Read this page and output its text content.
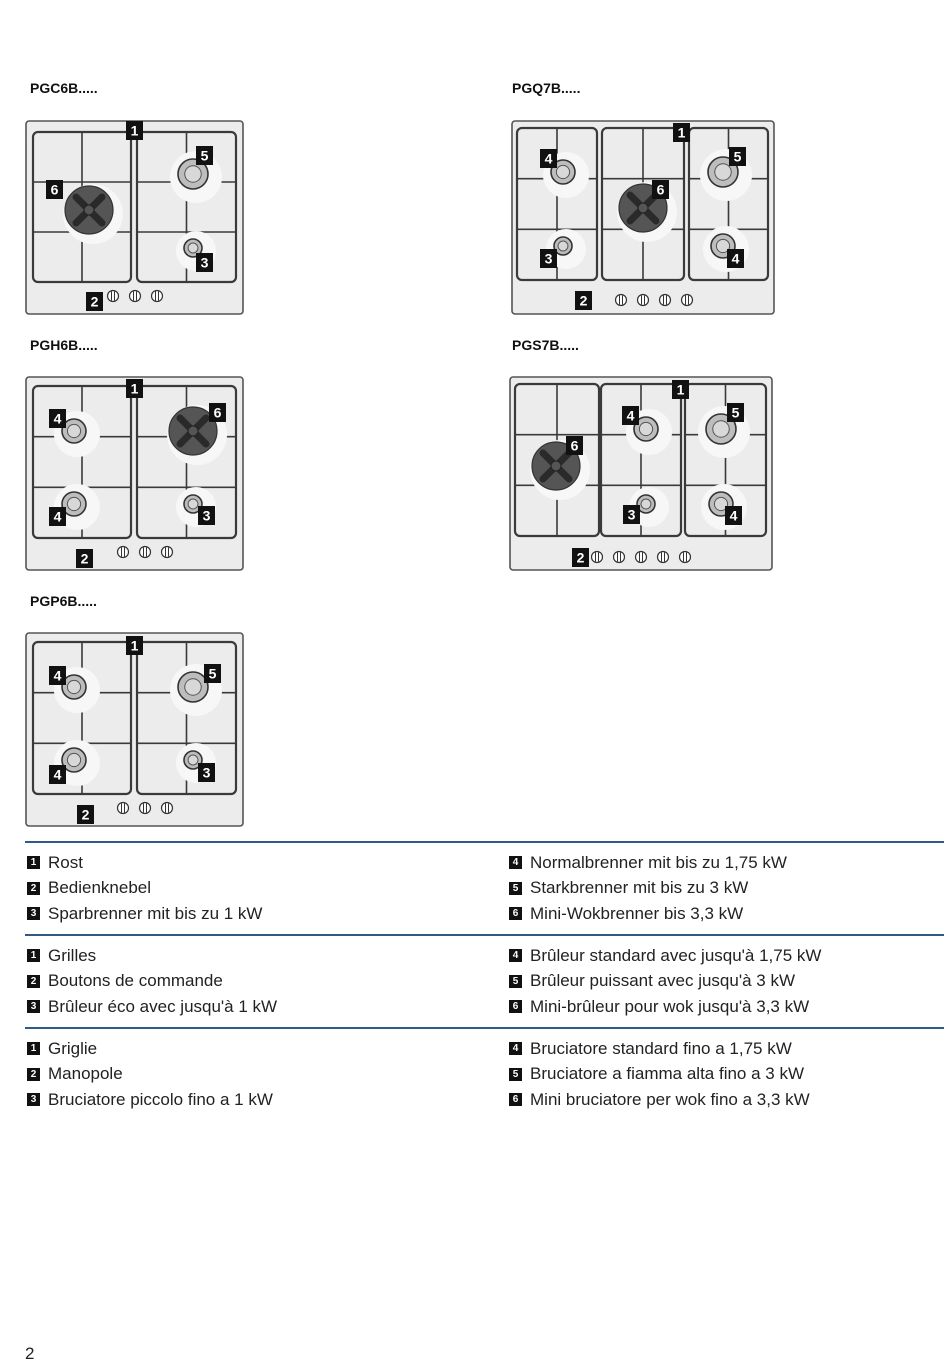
PGC6B.....	PGQ7B.....
PGH6B.....	PGS7B.....
PGP6B.....
1
6
5
3
2
1
4
6
5
3	4
2
1
4	6
4	3
2
1
6
4	5
3	4
2
1
4	5
4	3
2
1 Rost
2 Bedienknebel
3 Sparbrenner mit bis zu 1 kW
4 Normalbrenner mit bis zu 1,75 kW
5 Starkbrenner mit bis zu 3 kW
6 Mini-Wokbrenner bis 3,3 kW
1 Grilles
2 Boutons de commande
3 Brûleur éco avec jusqu'à 1 kW
4 Brûleur standard avec jusqu'à 1,75 kW
5 Brûleur puissant avec jusqu'à 3 kW
6 Mini-brûleur pour wok jusqu'à 3,3 kW
1 Griglie
2 Manopole
3 Bruciatore piccolo fino a 1 kW
4 Bruciatore standard fino a 1,75 kW
5 Bruciatore a fiamma alta fino a 3 kW
6 Mini bruciatore per wok fino a 3,3 kW
2
